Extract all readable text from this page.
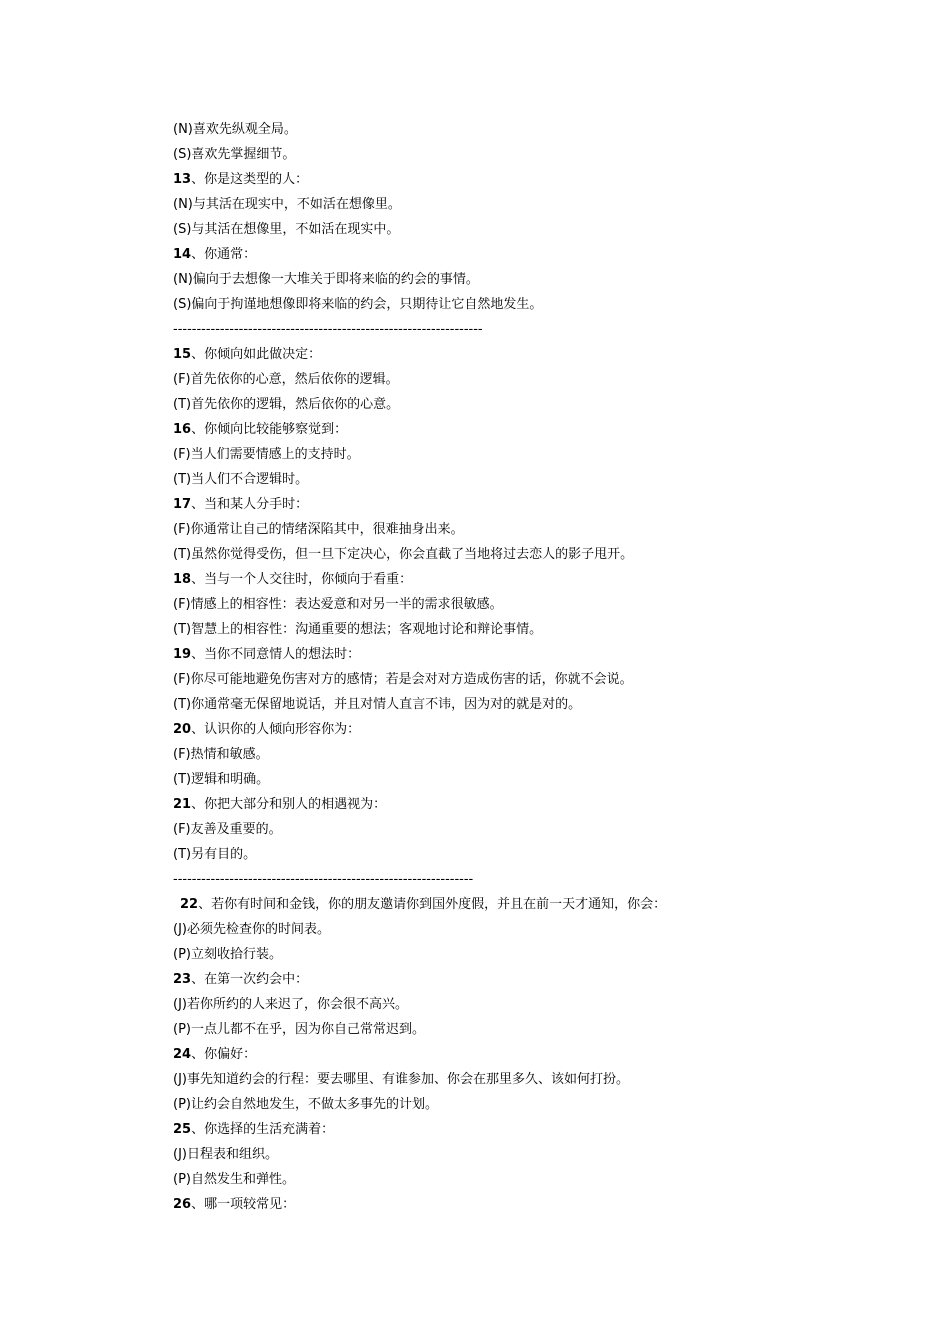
(N)喜欢先纵观全局。
(S)喜欢先掌握细节。
13、你是这类型的人：
(N)与其活在现实中，不如活在想像里。
(S)与其活在想像里，不如活在现实中。
14、你通常：
(N)偏向于去想像一大堆关于即将来临的约会的事情。
(S)偏向于拘谨地想像即将来临的约会，只期待让它自然地发生。
------------------------------------------------------------------
15、你倾向如此做决定：
(F)首先依你的心意，然后依你的逻辑。
(T)首先依你的逻辑，然后依你的心意。
16、你倾向比较能够察觉到：
(F)当人们需要情感上的支持时。
(T)当人们不合逻辑时。
17、当和某人分手时：
(F)你通常让自己的情绪深陷其中，很难抽身出来。
(T)虽然你觉得受伤，但一旦下定决心，你会直截了当地将过去恋人的影子甩开。
18、当与一个人交往时，你倾向于看重：
(F)情感上的相容性：表达爱意和对另一半的需求很敏感。
(T)智慧上的相容性：沟通重要的想法；客观地讨论和辩论事情。
19、当你不同意情人的想法时：
(F)你尽可能地避免伤害对方的感情；若是会对对方造成伤害的话，你就不会说。
(T)你通常毫无保留地说话，并且对情人直言不讳，因为对的就是对的。
20、认识你的人倾向形容你为：
(F)热情和敏感。
(T)逻辑和明确。
21、你把大部分和别人的相遇视为：
(F)友善及重要的。
(T)另有目的。
----------------------------------------------------------------
22、若你有时间和金钱，你的朋友邀请你到国外度假，并且在前一天才通知，你会：
(J)必须先检查你的时间表。
(P)立刻收拾行装。
23、在第一次约会中：
(J)若你所约的人来迟了，你会很不高兴。
(P)一点儿都不在乎，因为你自己常常迟到。
24、你偏好：
(J)事先知道约会的行程：要去哪里、有谁参加、你会在那里多久、该如何打扮。
(P)让约会自然地发生，不做太多事先的计划。
25、你选择的生活充满着：
(J)日程表和组织。
(P)自然发生和弹性。
26、哪一项较常见：
